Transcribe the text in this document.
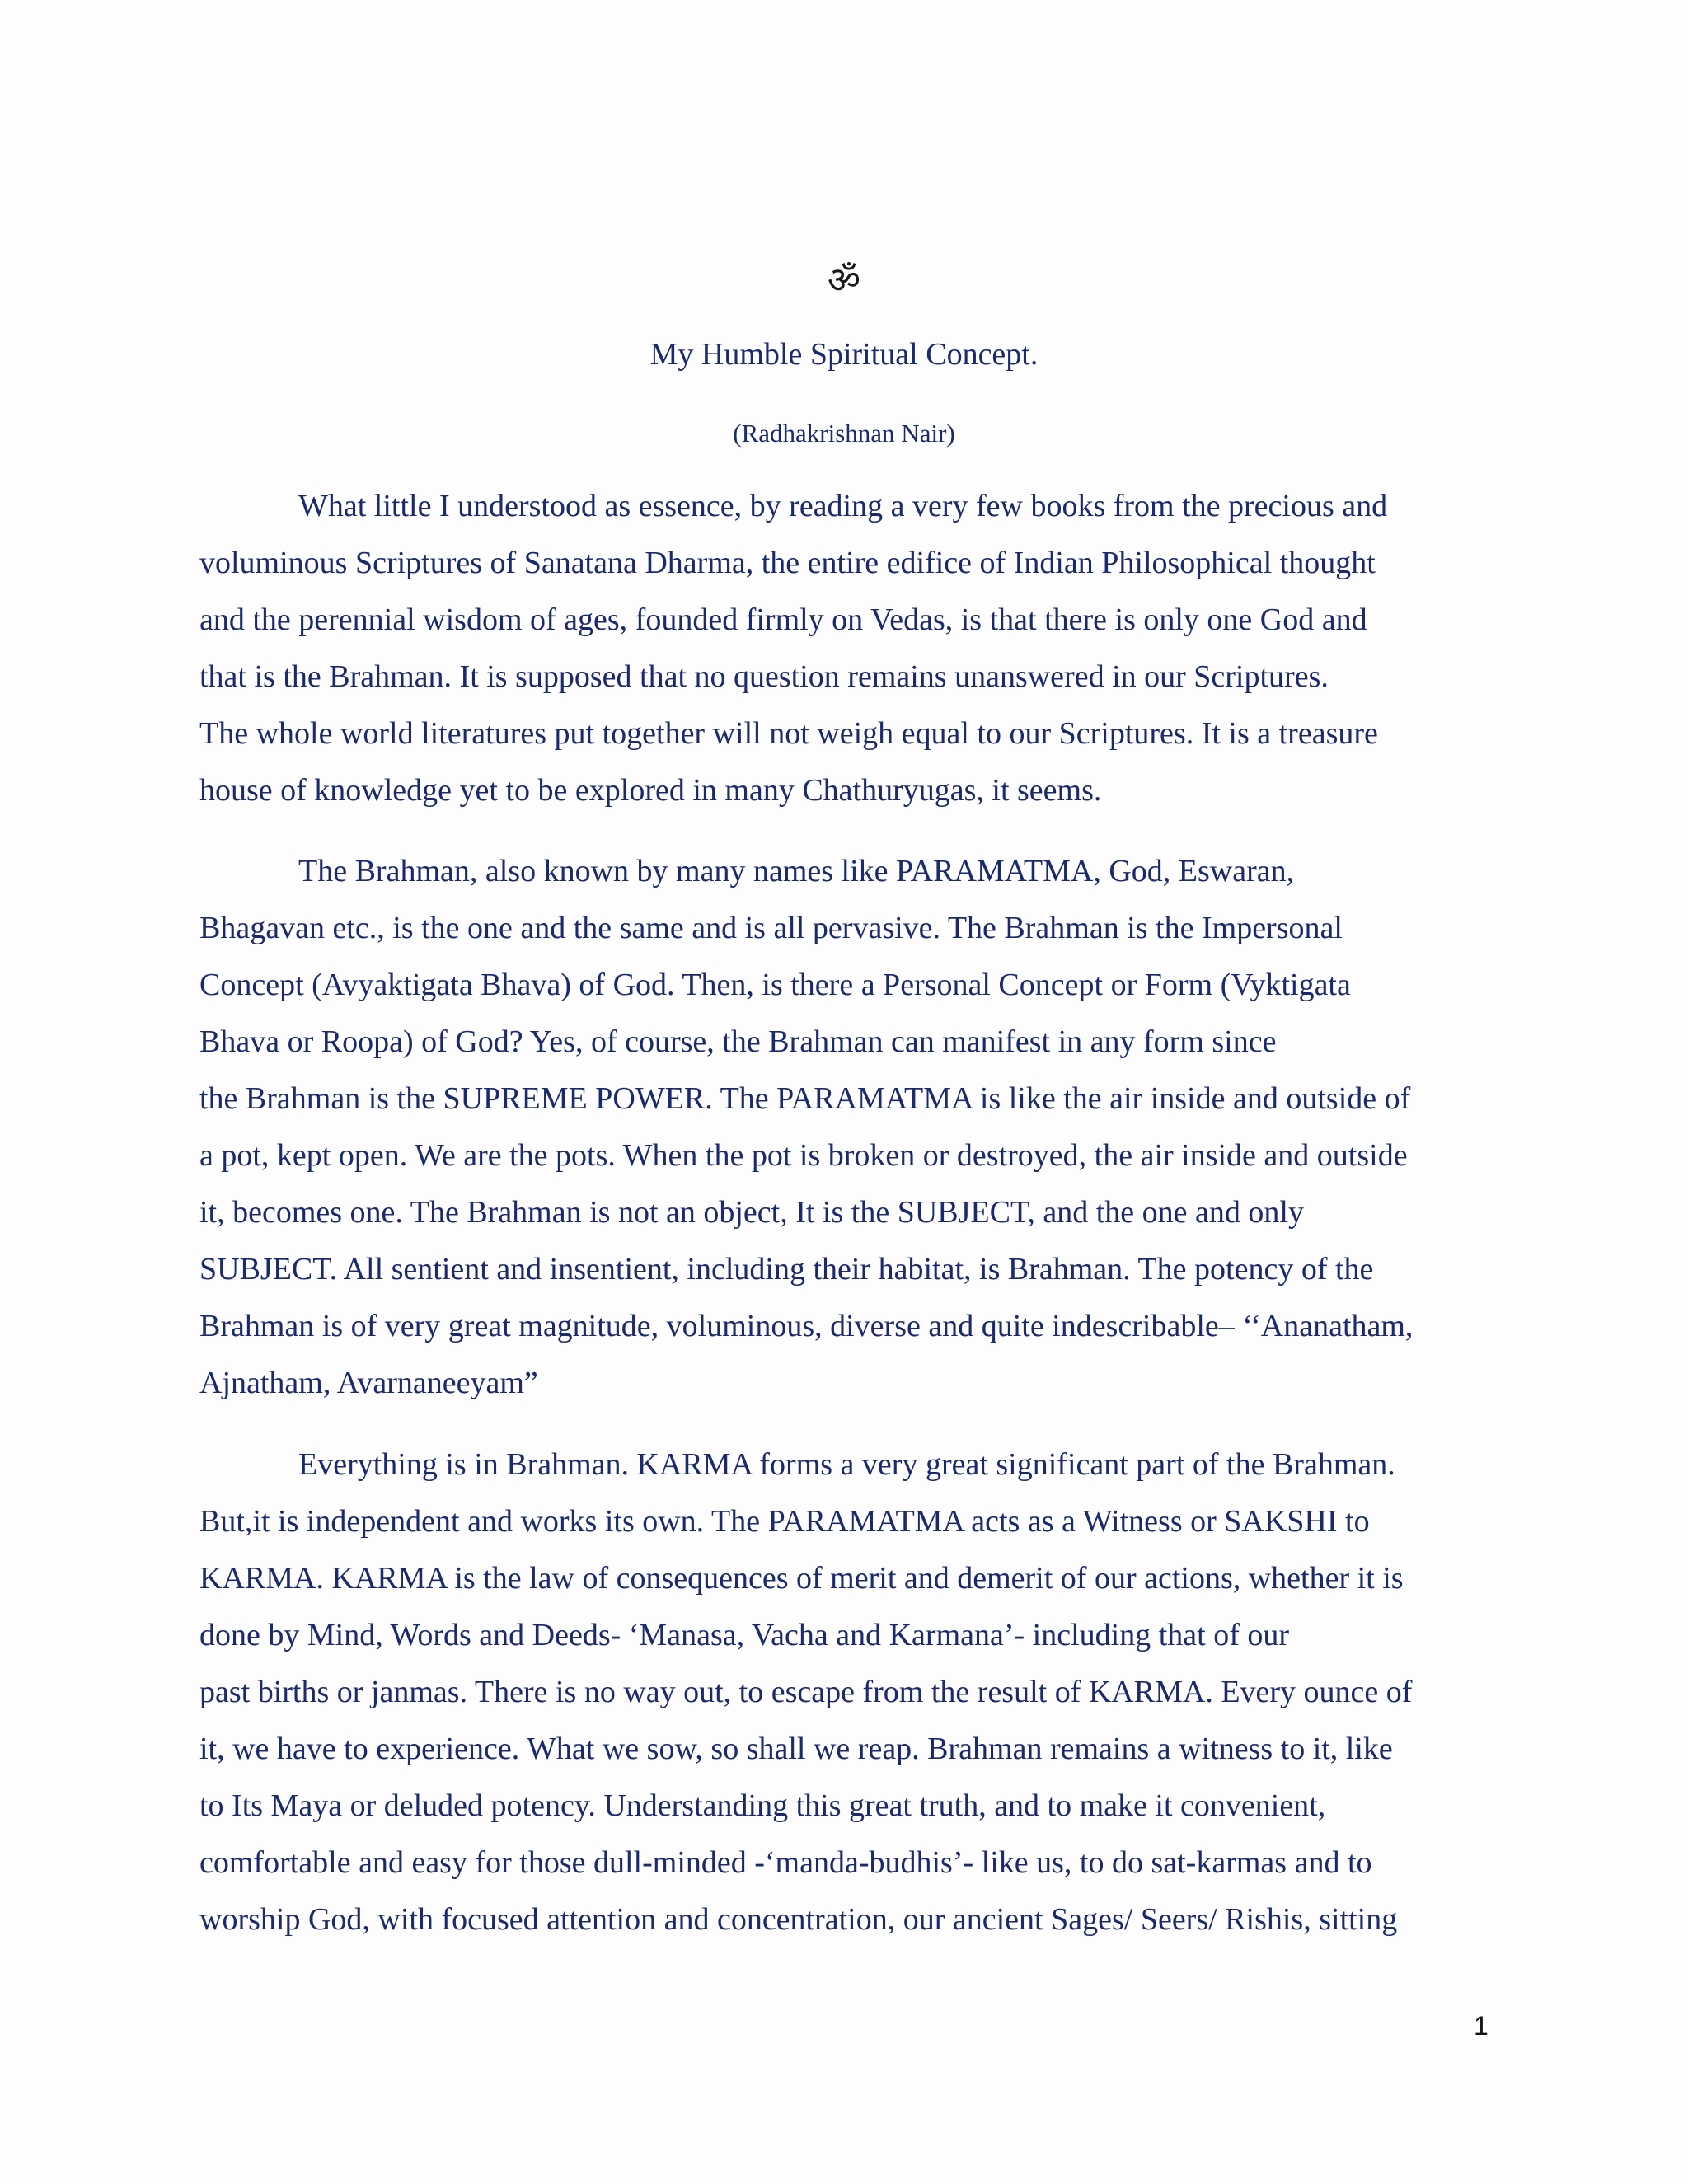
ॐ
My Humble Spiritual Concept.
(Radhakrishnan Nair)
What little I understood as essence, by reading a very few books from the precious and
voluminous Scriptures of Sanatana Dharma, the entire edifice of Indian Philosophical thought
and the perennial wisdom of ages, founded firmly on Vedas, is that there is only one God and
that is the Brahman. It is supposed that no question remains unanswered in our Scriptures.
The whole world literatures put together will not weigh equal to our Scriptures. It is a treasure
house of knowledge yet to be explored in many Chathuryugas, it seems.
The Brahman, also known by many names like PARAMATMA, God, Eswaran,
Bhagavan etc., is the one and the same and is all pervasive. The Brahman is the Impersonal
Concept (Avyaktigata Bhava) of God. Then, is there a Personal Concept or Form (Vyktigata
Bhava or Roopa) of God? Yes, of course, the Brahman can manifest in any form since
the Brahman is the SUPREME POWER. The PARAMATMA is like the air inside and outside of
a pot, kept open. We are the pots. When the pot is broken or destroyed, the air inside and outside
it, becomes one. The Brahman is not an object, It is the SUBJECT, and the one and only
SUBJECT. All sentient and insentient, including their habitat, is Brahman. The potency of the
Brahman is of very great magnitude, voluminous, diverse and quite indescribable– ‘‘Ananatham,
Ajnatham, Avarnaneeyam”
Everything is in Brahman. KARMA forms a very great significant part of the Brahman.
But,it is independent and works its own. The PARAMATMA acts as a Witness or SAKSHI to
KARMA. KARMA is the law of consequences of merit and demerit of our actions, whether it is
done by Mind, Words and Deeds- ‘Manasa, Vacha and Karmana’- including that of our
past births or janmas. There is no way out, to escape from the result of KARMA. Every ounce of
it, we have to experience. What we sow, so shall we reap. Brahman remains a witness to it, like
to Its Maya or deluded potency. Understanding this great truth, and to make it convenient,
comfortable and easy for those dull-minded -‘manda-budhis’- like us, to do sat-karmas and to
worship God, with focused attention and concentration, our ancient Sages/ Seers/ Rishis, sitting
1
